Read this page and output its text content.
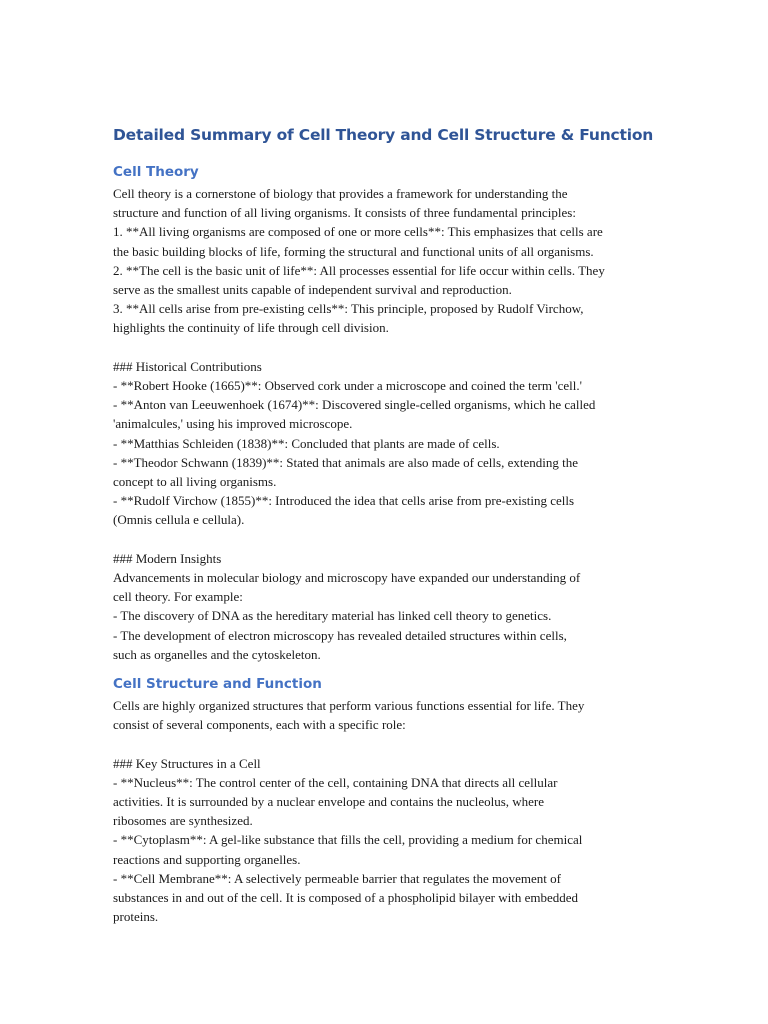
Detailed Summary of Cell Theory and Cell Structure & Function
Cell Theory
Cell theory is a cornerstone of biology that provides a framework for understanding the
structure and function of all living organisms. It consists of three fundamental principles:
1. **All living organisms are composed of one or more cells**: This emphasizes that cells are
the basic building blocks of life, forming the structural and functional units of all organisms.
2. **The cell is the basic unit of life**: All processes essential for life occur within cells. They
serve as the smallest units capable of independent survival and reproduction.
3. **All cells arise from pre-existing cells**: This principle, proposed by Rudolf Virchow,
highlights the continuity of life through cell division.
### Historical Contributions
- **Robert Hooke (1665)**: Observed cork under a microscope and coined the term 'cell.'
- **Anton van Leeuwenhoek (1674)**: Discovered single-celled organisms, which he called
'animalcules,' using his improved microscope.
- **Matthias Schleiden (1838)**: Concluded that plants are made of cells.
- **Theodor Schwann (1839)**: Stated that animals are also made of cells, extending the
concept to all living organisms.
- **Rudolf Virchow (1855)**: Introduced the idea that cells arise from pre-existing cells
(Omnis cellula e cellula).
### Modern Insights
Advancements in molecular biology and microscopy have expanded our understanding of
cell theory. For example:
- The discovery of DNA as the hereditary material has linked cell theory to genetics.
- The development of electron microscopy has revealed detailed structures within cells,
such as organelles and the cytoskeleton.
Cell Structure and Function
Cells are highly organized structures that perform various functions essential for life. They
consist of several components, each with a specific role:
### Key Structures in a Cell
- **Nucleus**: The control center of the cell, containing DNA that directs all cellular
activities. It is surrounded by a nuclear envelope and contains the nucleolus, where
ribosomes are synthesized.
- **Cytoplasm**: A gel-like substance that fills the cell, providing a medium for chemical
reactions and supporting organelles.
- **Cell Membrane**: A selectively permeable barrier that regulates the movement of
substances in and out of the cell. It is composed of a phospholipid bilayer with embedded
proteins.
